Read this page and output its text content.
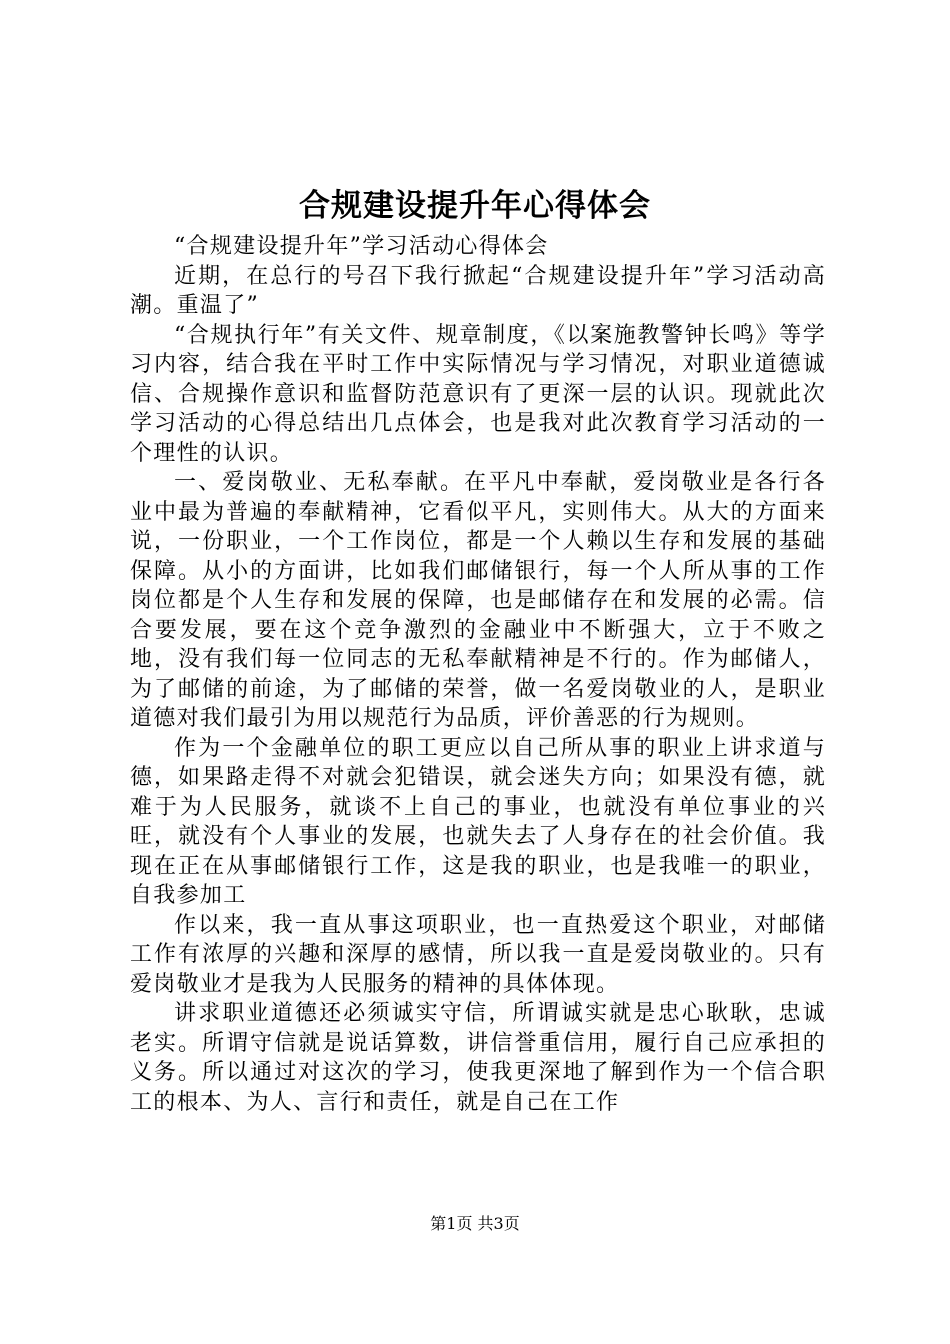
合规建设提升年心得体会

“合规建设提升年”学习活动心得体会

近期，在总行的号召下我行掀起“合规建设提升年”学习活动高潮。重温了”

“合规执行年”有关文件、规章制度，《以案施教警钟长鸣》等学习内容，结合我在平时工作中实际情况与学习情况，对职业道德诚信、合规操作意识和监督防范意识有了更深一层的认识。现就此次学习活动的心得总结出几点体会，也是我对此次教育学习活动的一个理性的认识。

一、爱岗敬业、无私奉献。在平凡中奉献，爱岗敬业是各行各业中最为普遍的奉献精神，它看似平凡，实则伟大。从大的方面来说，一份职业，一个工作岗位，都是一个人赖以生存和发展的基础保障。从小的方面讲，比如我们邮储银行，每一个人所从事的工作岗位都是个人生存和发展的保障，也是邮储存在和发展的必需。信合要发展，要在这个竞争激烈的金融业中不断强大，立于不败之地，没有我们每一位同志的无私奉献精神是不行的。作为邮储人，为了邮储的前途，为了邮储的荣誉，做一名爱岗敬业的人，是职业道德对我们最引为用以规范行为品质，评价善恶的行为规则。

作为一个金融单位的职工更应以自己所从事的职业上讲求道与德，如果路走得不对就会犯错误，就会迷失方向；如果没有德，就难于为人民服务，就谈不上自己的事业，也就没有单位事业的兴旺，就没有个人事业的发展，也就失去了人身存在的社会价值。我现在正在从事邮储银行工作，这是我的职业，也是我唯一的职业，自我参加工

作以来，我一直从事这项职业，也一直热爱这个职业，对邮储工作有浓厚的兴趣和深厚的感情，所以我一直是爱岗敬业的。只有爱岗敬业才是我为人民服务的精神的具体体现。

讲求职业道德还必须诚实守信，所谓诚实就是忠心耿耿，忠诚老实。所谓守信就是说话算数，讲信誉重信用，履行自己应承担的义务。所以通过对这次的学习，使我更深地了解到作为一个信合职工的根本、为人、言行和责任，就是自己在工作

第1页 共3页
